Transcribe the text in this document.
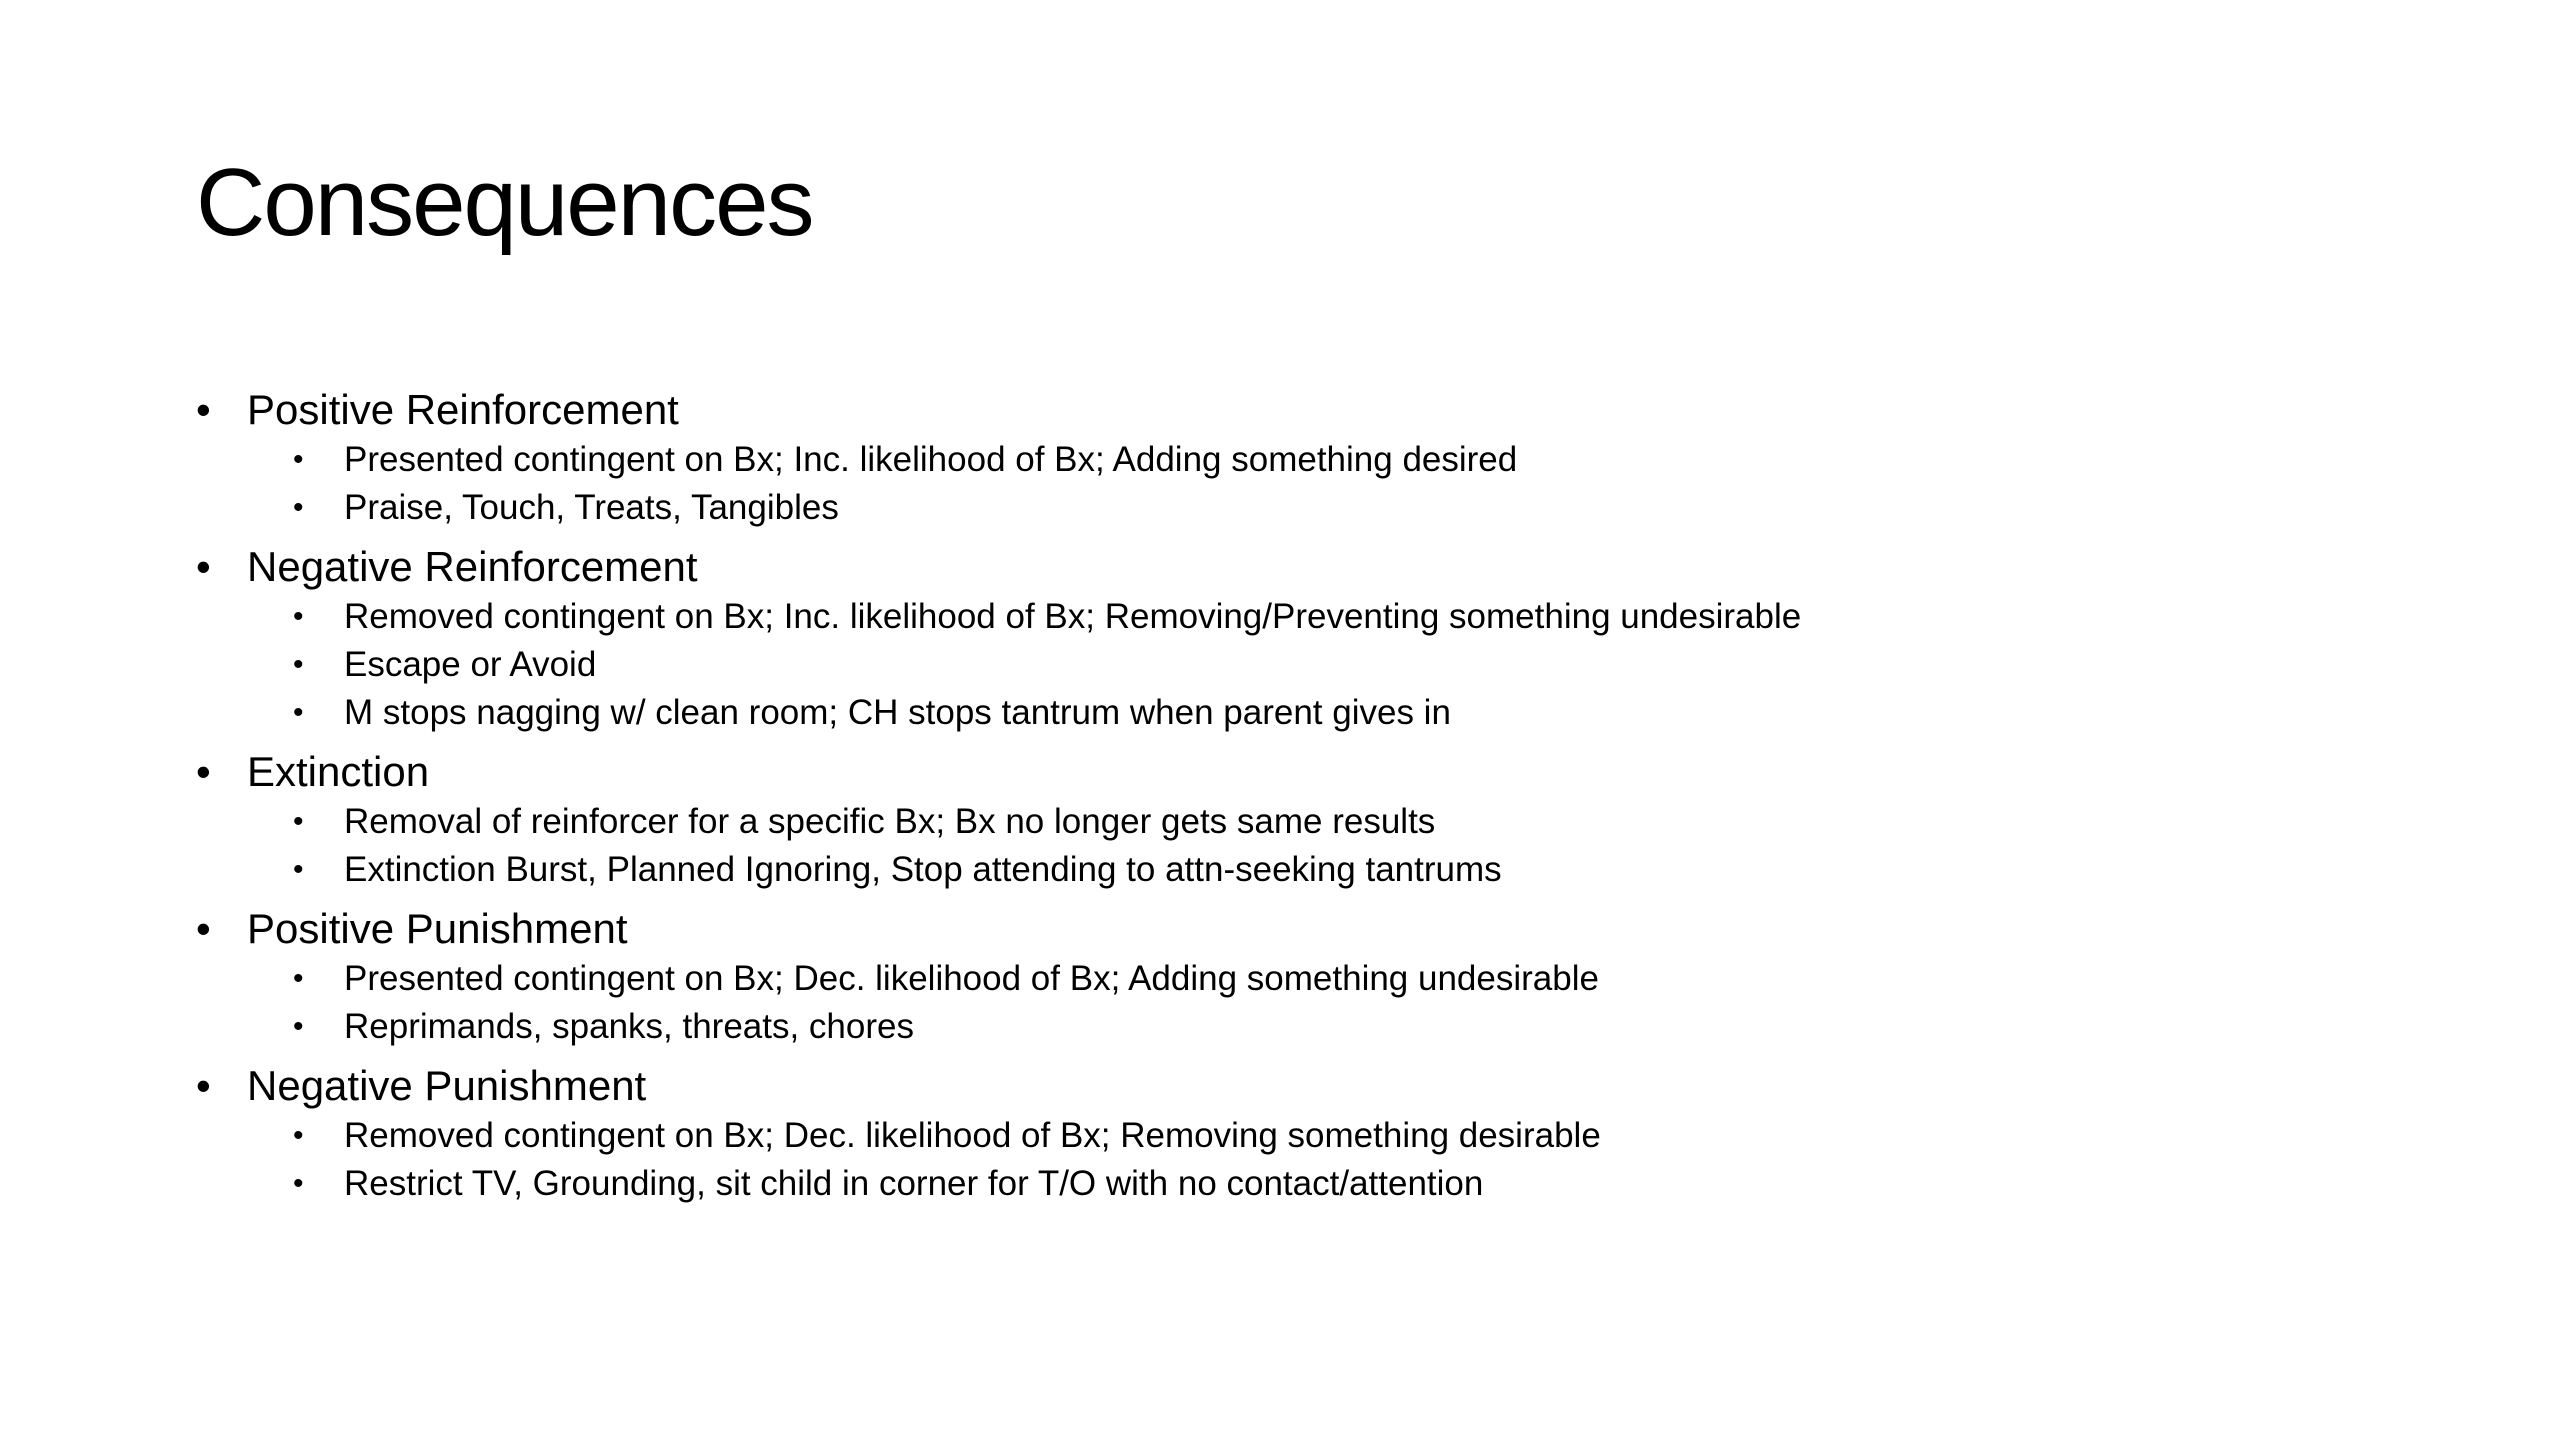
Consequences
• Positive Reinforcement
• Presented contingent on Bx; Inc. likelihood of Bx; Adding something desired
• Praise, Touch, Treats, Tangibles
• Negative Reinforcement
• Removed contingent on Bx; Inc. likelihood of Bx; Removing/Preventing something undesirable
• Escape or Avoid
• M stops nagging w/ clean room; CH stops tantrum when parent gives in
• Extinction
• Removal of reinforcer for a specific Bx; Bx no longer gets same results
• Extinction Burst, Planned Ignoring, Stop attending to attn-seeking tantrums
• Positive Punishment
• Presented contingent on Bx; Dec. likelihood of Bx; Adding something undesirable
• Reprimands, spanks, threats, chores
• Negative Punishment
• Removed contingent on Bx; Dec. likelihood of Bx; Removing something desirable
• Restrict TV, Grounding, sit child in corner for T/O with no contact/attention
